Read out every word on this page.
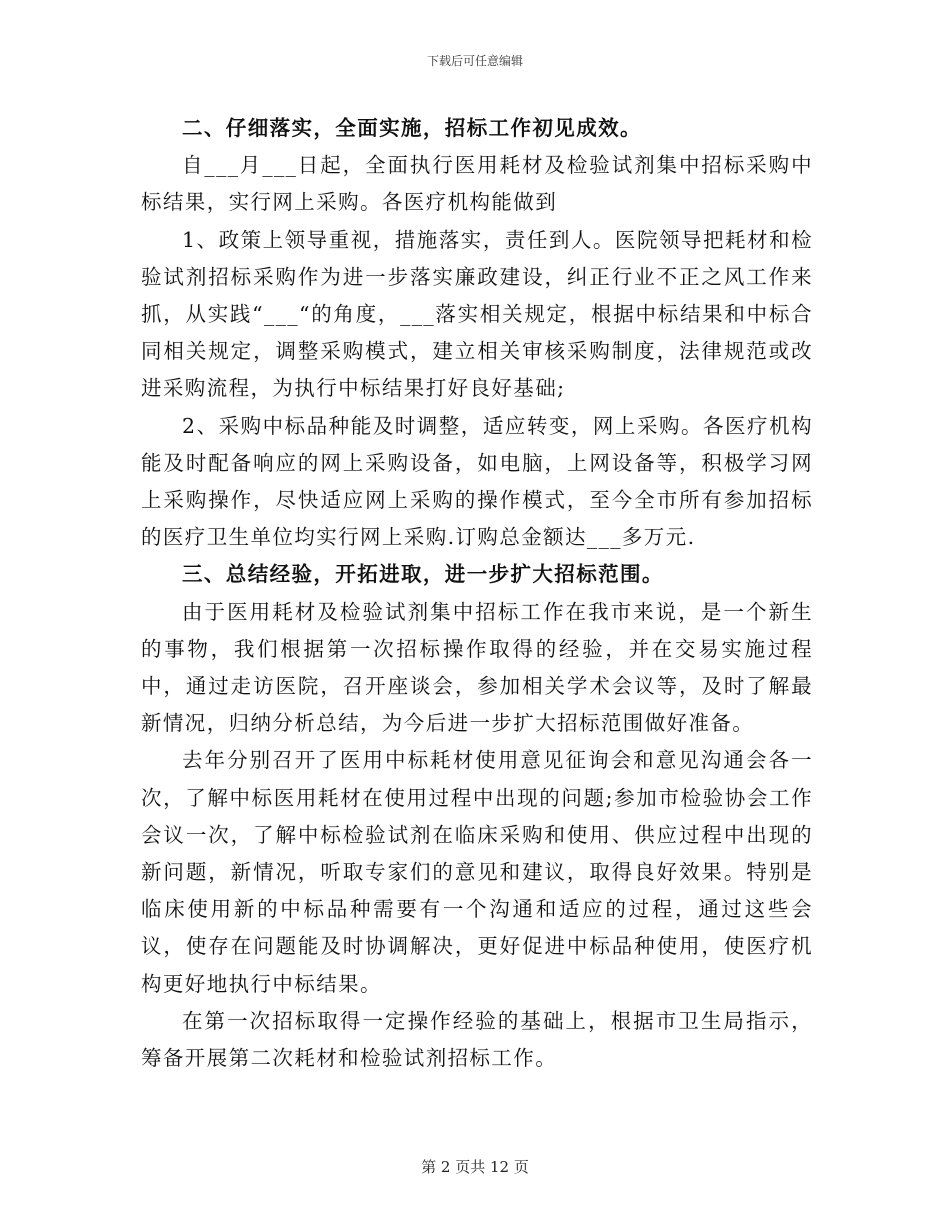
下载后可任意编辑

二、仔细落实，全面实施，招标工作初见成效。

自___月___日起，全面执行医用耗材及检验试剂集中招标采购中标结果，实行网上采购。各医疗机构能做到

1、政策上领导重视，措施落实，责任到人。医院领导把耗材和检验试剂招标采购作为进一步落实廉政建设，纠正行业不正之风工作来抓，从实践“___“的角度，___落实相关规定，根据中标结果和中标合同相关规定，调整采购模式，建立相关审核采购制度，法律规范或改进采购流程，为执行中标结果打好良好基础;

2、采购中标品种能及时调整，适应转变，网上采购。各医疗机构能及时配备响应的网上采购设备，如电脑，上网设备等，积极学习网上采购操作，尽快适应网上采购的操作模式，至今全市所有参加招标的医疗卫生单位均实行网上采购.订购总金额达___多万元.

三、总结经验，开拓进取，进一步扩大招标范围。

由于医用耗材及检验试剂集中招标工作在我市来说，是一个新生的事物，我们根据第一次招标操作取得的经验，并在交易实施过程中，通过走访医院，召开座谈会，参加相关学术会议等，及时了解最新情况，归纳分析总结，为今后进一步扩大招标范围做好准备。

去年分别召开了医用中标耗材使用意见征询会和意见沟通会各一次，了解中标医用耗材在使用过程中出现的问题;参加市检验协会工作会议一次，了解中标检验试剂在临床采购和使用、供应过程中出现的新问题，新情况，听取专家们的意见和建议，取得良好效果。特别是临床使用新的中标品种需要有一个沟通和适应的过程，通过这些会议，使存在问题能及时协调解决，更好促进中标品种使用，使医疗机构更好地执行中标结果。

在第一次招标取得一定操作经验的基础上，根据市卫生局指示，筹备开展第二次耗材和检验试剂招标工作。

第 2 页共 12 页
